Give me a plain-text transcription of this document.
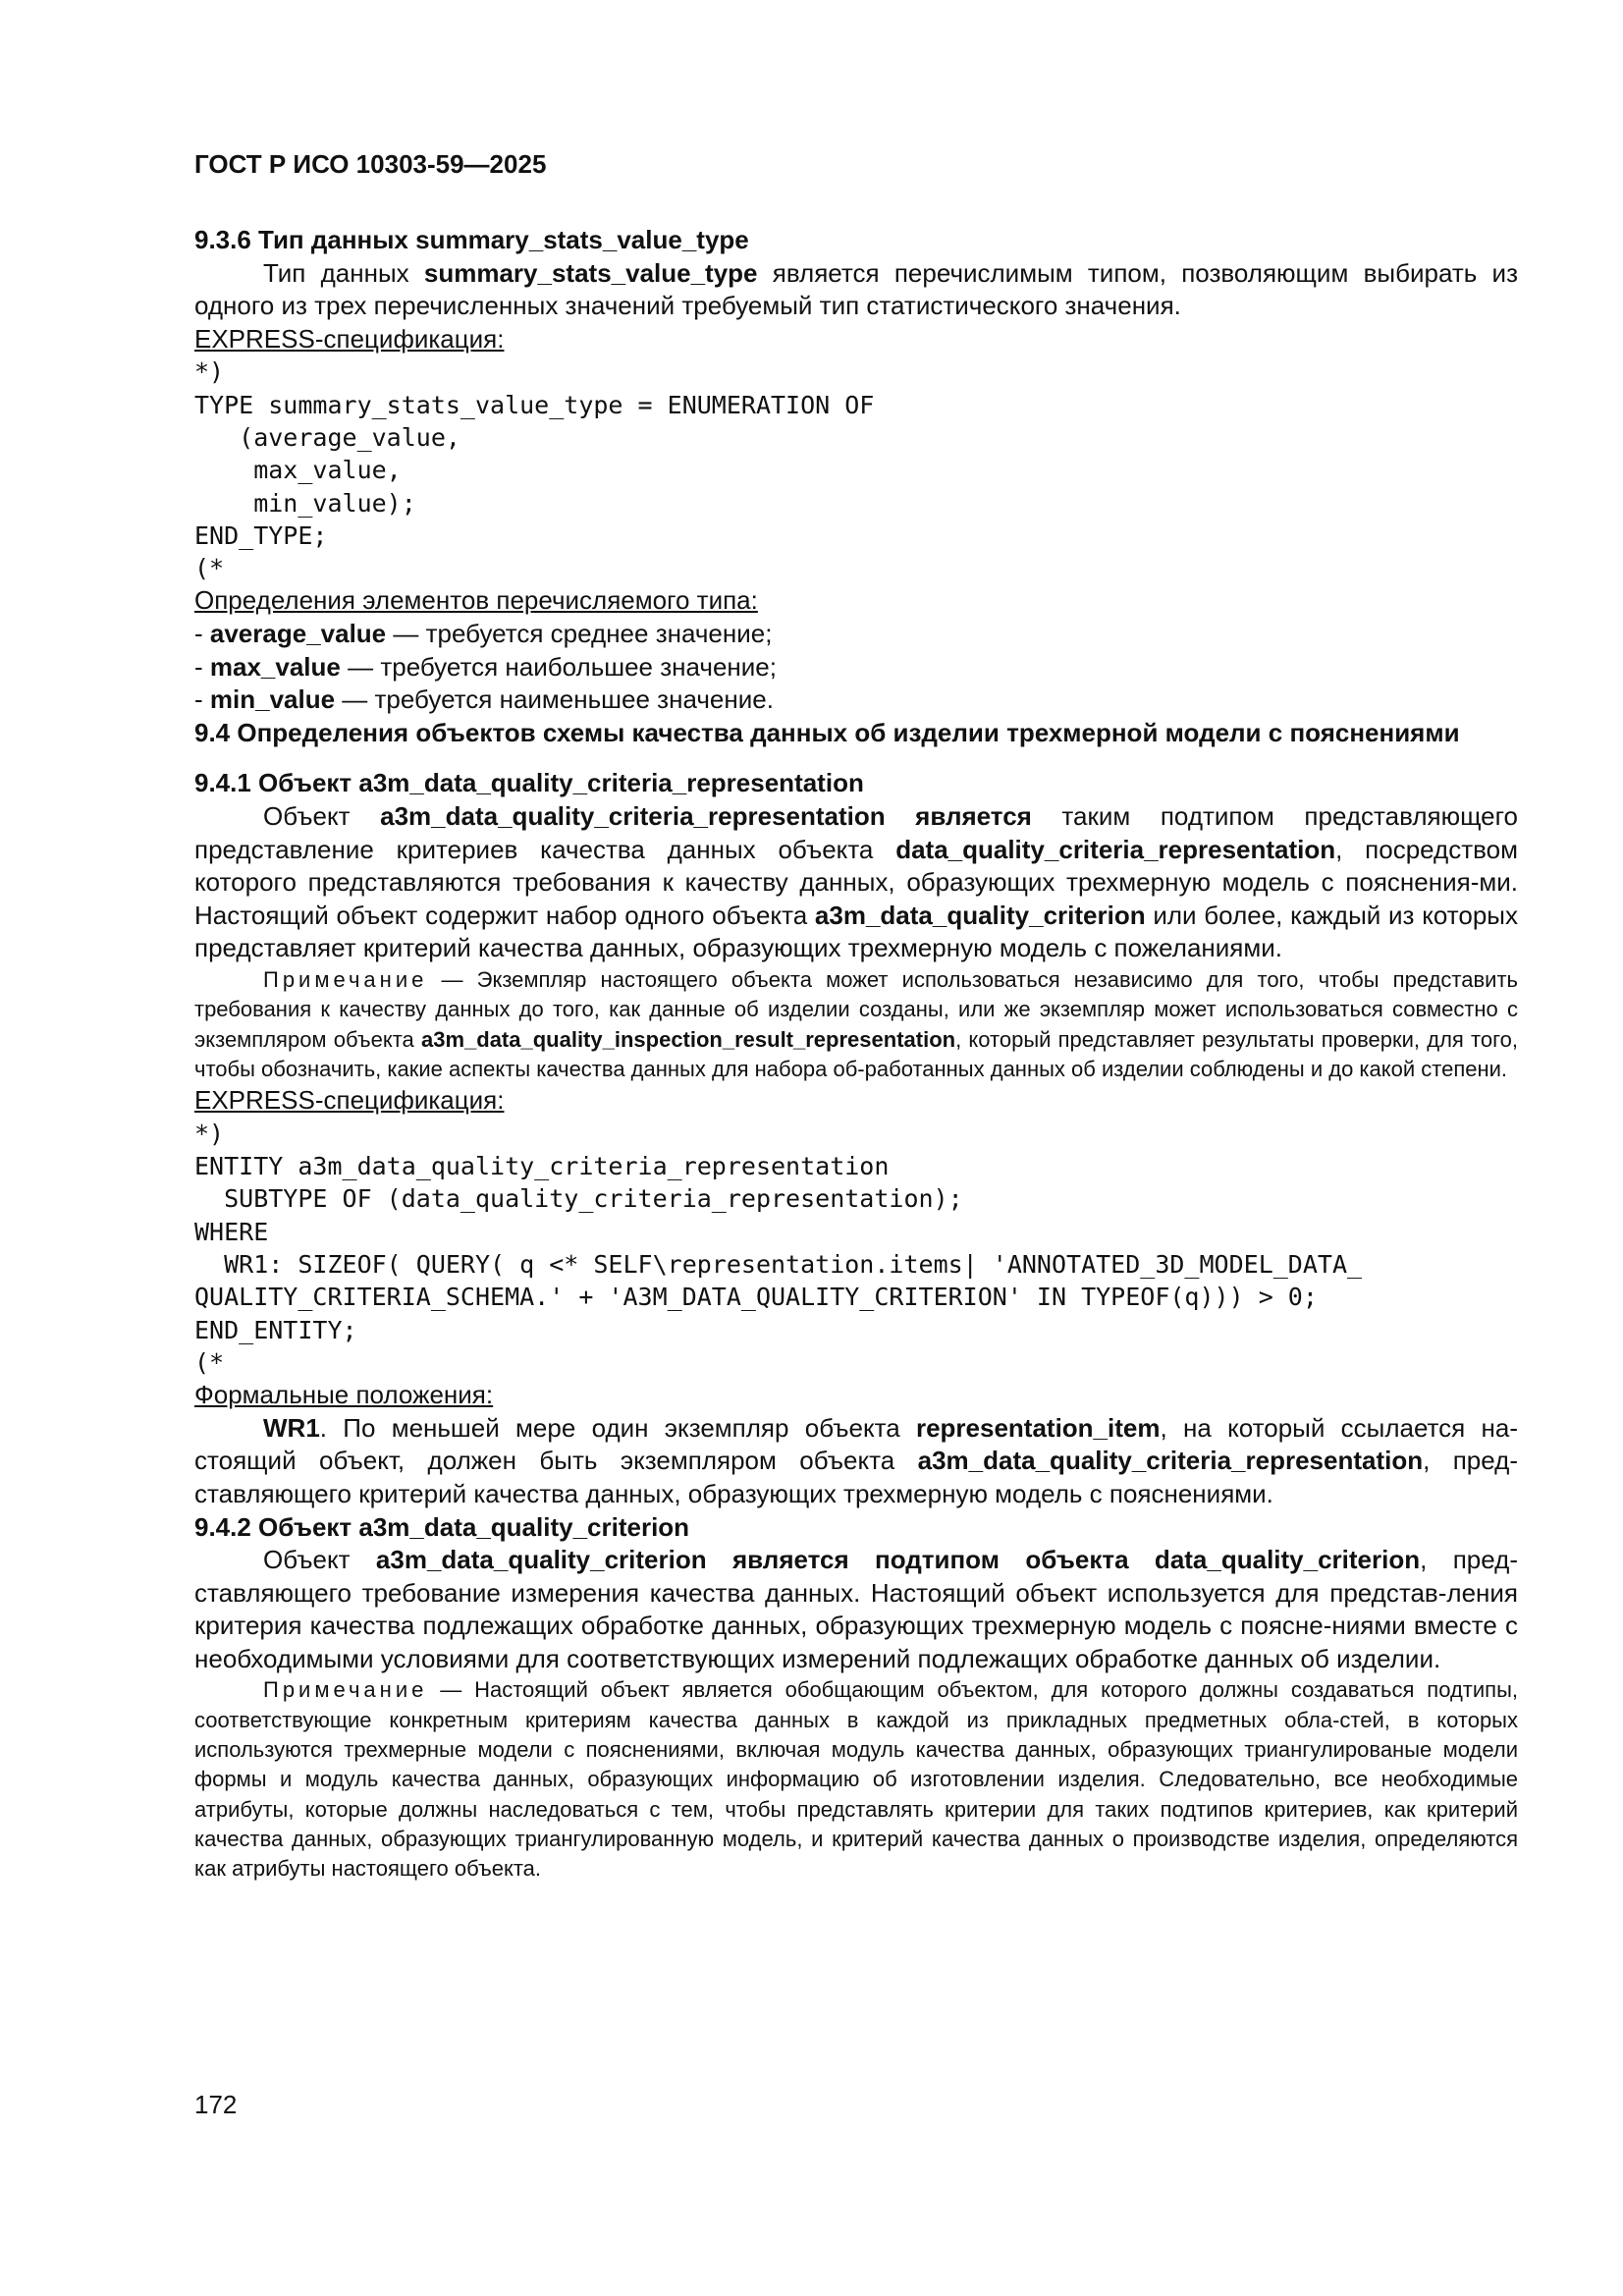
ГОСТ Р ИСО 10303-59—2025

9.3.6 Тип данных summary_stats_value_type

Тип данных summary_stats_value_type является перечислимым типом, позволяющим выбирать из одного из трех перечисленных значений требуемый тип статистического значения.

EXPRESS-спецификация:

*)
TYPE summary_stats_value_type = ENUMERATION OF
(average_value,
max_value,
min_value);
END_TYPE;
(*

Определения элементов перечисляемого типа:

- average_value — требуется среднее значение;

- max_value — требуется наибольшее значение;

- min_value — требуется наименьшее значение.

9.4 Определения объектов схемы качества данных об изделии трехмерной модели с пояснениями

9.4.1 Объект a3m_data_quality_criteria_representation

Объект a3m_data_quality_criteria_representation является таким подтипом представляющего представление критериев качества данных объекта data_quality_criteria_representation, посредством которого представляются требования к качеству данных, образующих трехмерную модель с пояснения-ми. Настоящий объект содержит набор одного объекта a3m_data_quality_criterion или более, каждый из которых представляет критерий качества данных, образующих трехмерную модель с пожеланиями.

Примечание — Экземпляр настоящего объекта может использоваться независимо для того, чтобы представить требования к качеству данных до того, как данные об изделии созданы, или же экземпляр может использоваться совместно с экземпляром объекта a3m_data_quality_inspection_result_representation, который представляет результаты проверки, для того, чтобы обозначить, какие аспекты качества данных для набора об-работанных данных об изделии соблюдены и до какой степени.

EXPRESS-спецификация:

*)
ENTITY a3m_data_quality_criteria_representation
SUBTYPE OF (data_quality_criteria_representation);
WHERE
WR1: SIZEOF( QUERY( q <* SELF\representation.items| 'ANNOTATED_3D_MODEL_DATA_
QUALITY_CRITERIA_SCHEMA.' + 'A3M_DATA_QUALITY_CRITERION' IN TYPEOF(q))) > 0;
END_ENTITY;
(*

Формальные положения:

WR1. По меньшей мере один экземпляр объекта representation_item, на который ссылается на-стоящий объект, должен быть экземпляром объекта a3m_data_quality_criteria_representation, пред-ставляющего критерий качества данных, образующих трехмерную модель с пояснениями.

9.4.2 Объект a3m_data_quality_criterion

Объект a3m_data_quality_criterion является подтипом объекта data_quality_criterion, пред-ставляющего требование измерения качества данных. Настоящий объект используется для представ-ления критерия качества подлежащих обработке данных, образующих трехмерную модель с поясне-ниями вместе с необходимыми условиями для соответствующих измерений подлежащих обработке данных об изделии.

Примечание — Настоящий объект является обобщающим объектом, для которого должны создаваться подтипы, соответствующие конкретным критериям качества данных в каждой из прикладных предметных обла-стей, в которых используются трехмерные модели с пояснениями, включая модуль качества данных, образующих триангулированые модели формы и модуль качества данных, образующих информацию об изготовлении изделия. Следовательно, все необходимые атрибуты, которые должны наследоваться с тем, чтобы представлять критерии для таких подтипов критериев, как критерий качества данных, образующих триангулированную модель, и критерий качества данных о производстве изделия, определяются как атрибуты настоящего объекта.

172
